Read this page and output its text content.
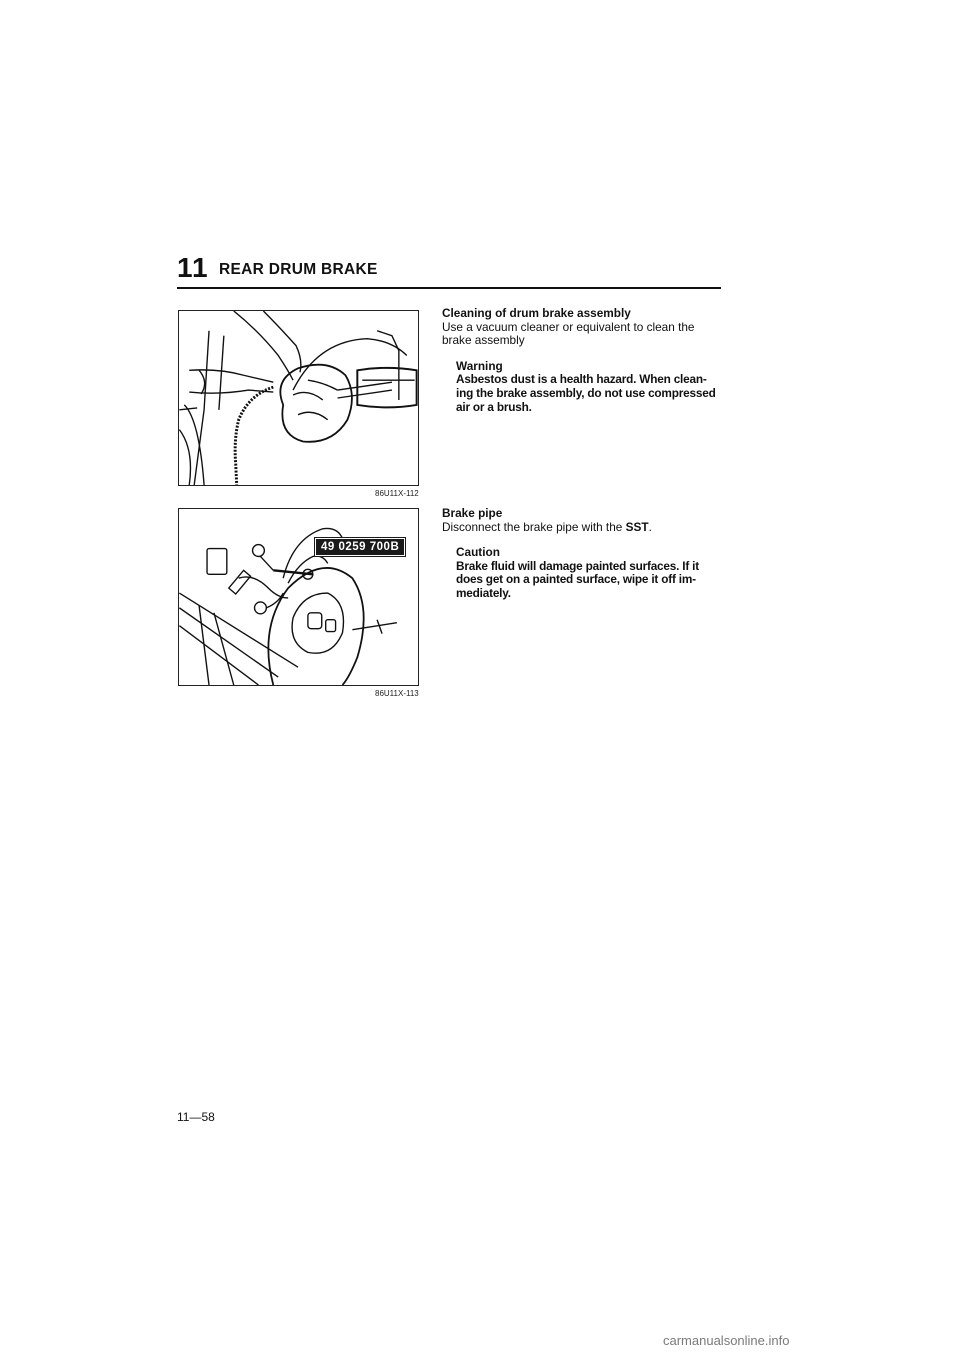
11 REAR DRUM BRAKE
86U11X-112
Cleaning of drum brake assembly
Use a vacuum cleaner or equivalent to clean the brake assembly
Warning
Asbestos dust is a health hazard. When clean-ing the brake assembly, do not use compressed air or a brush.
49 0259 700B
86U11X-113
Brake pipe
Disconnect the brake pipe with the SST.
Caution
Brake fluid will damage painted surfaces. If it does get on a painted surface, wipe it off im-mediately.
11—58
carmanualsonline.info
